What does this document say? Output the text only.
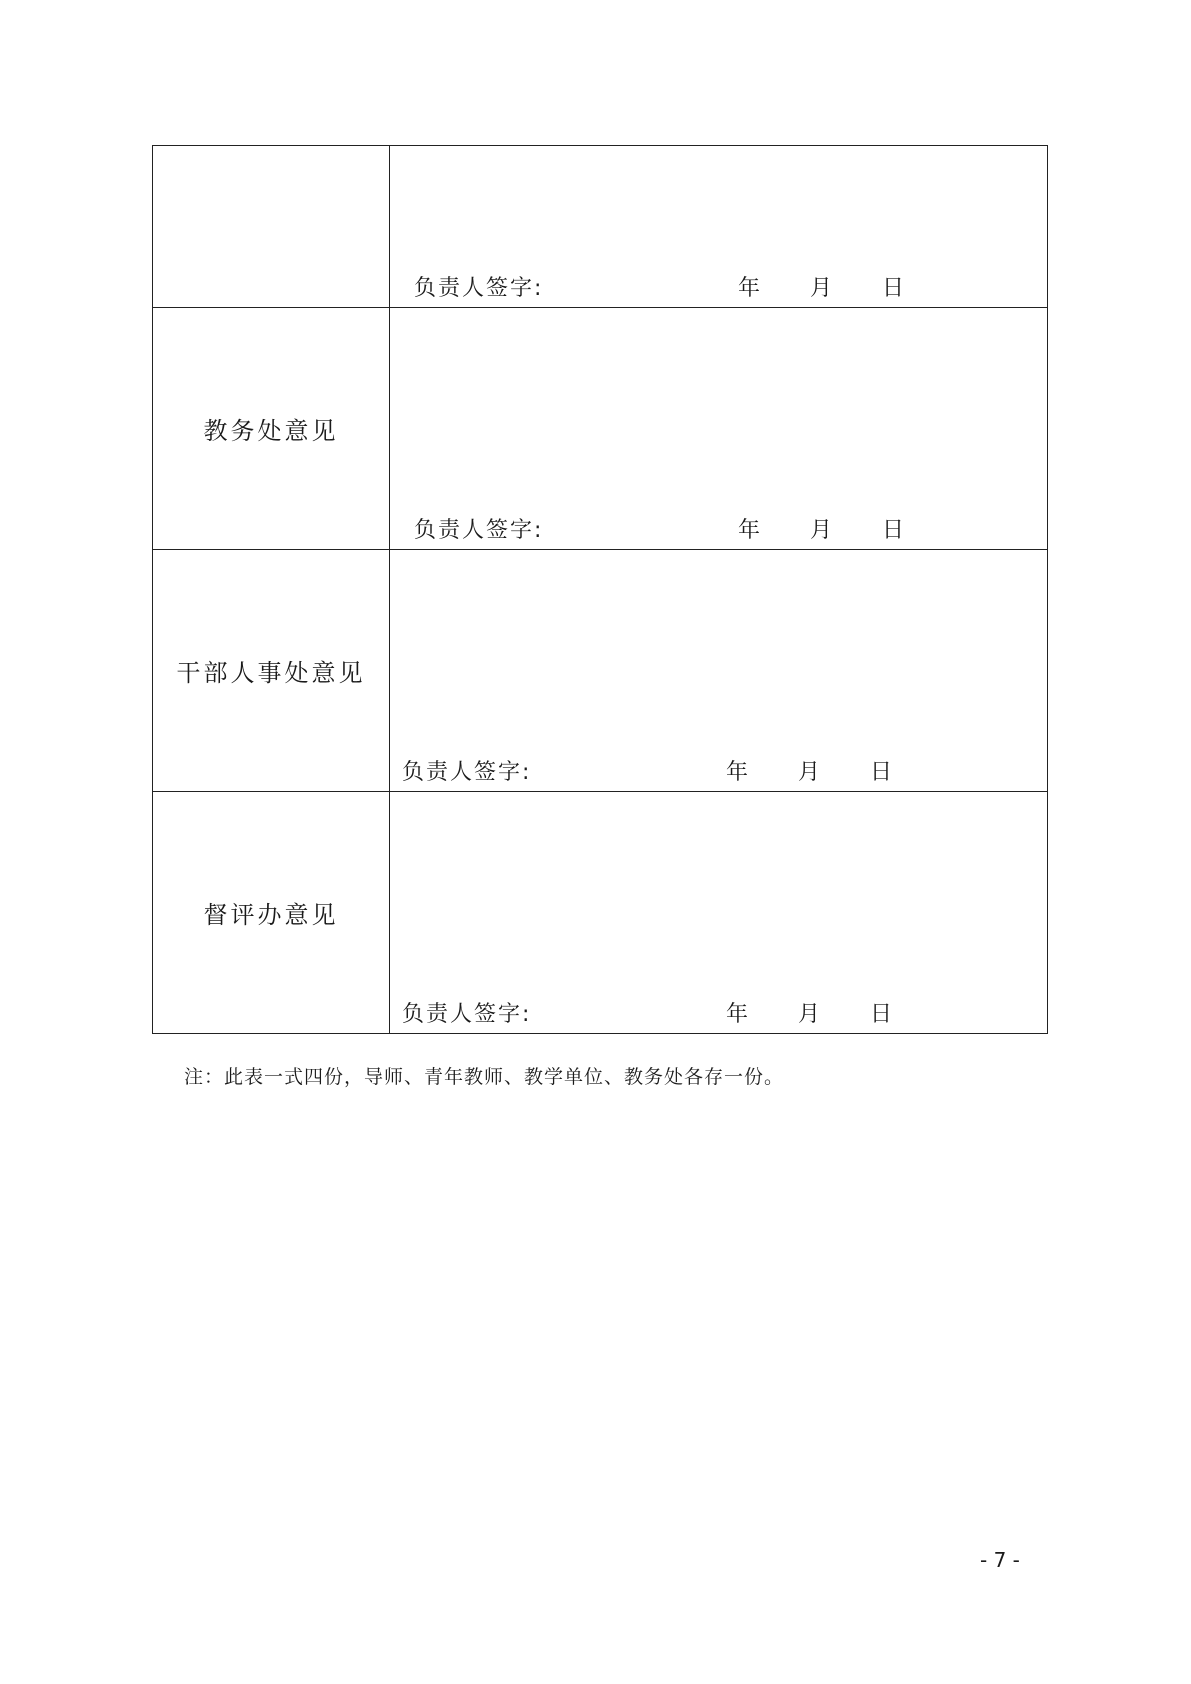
	负责人签字: 年 月 日

教务处意见	负责人签字: 年 月 日

干部人事处意见	负责人签字: 年 月 日

督评办意见	负责人签字: 年 月 日
注：此表一式四份，导师、青年教师、教学单位、教务处各存一份。
- 7 -
